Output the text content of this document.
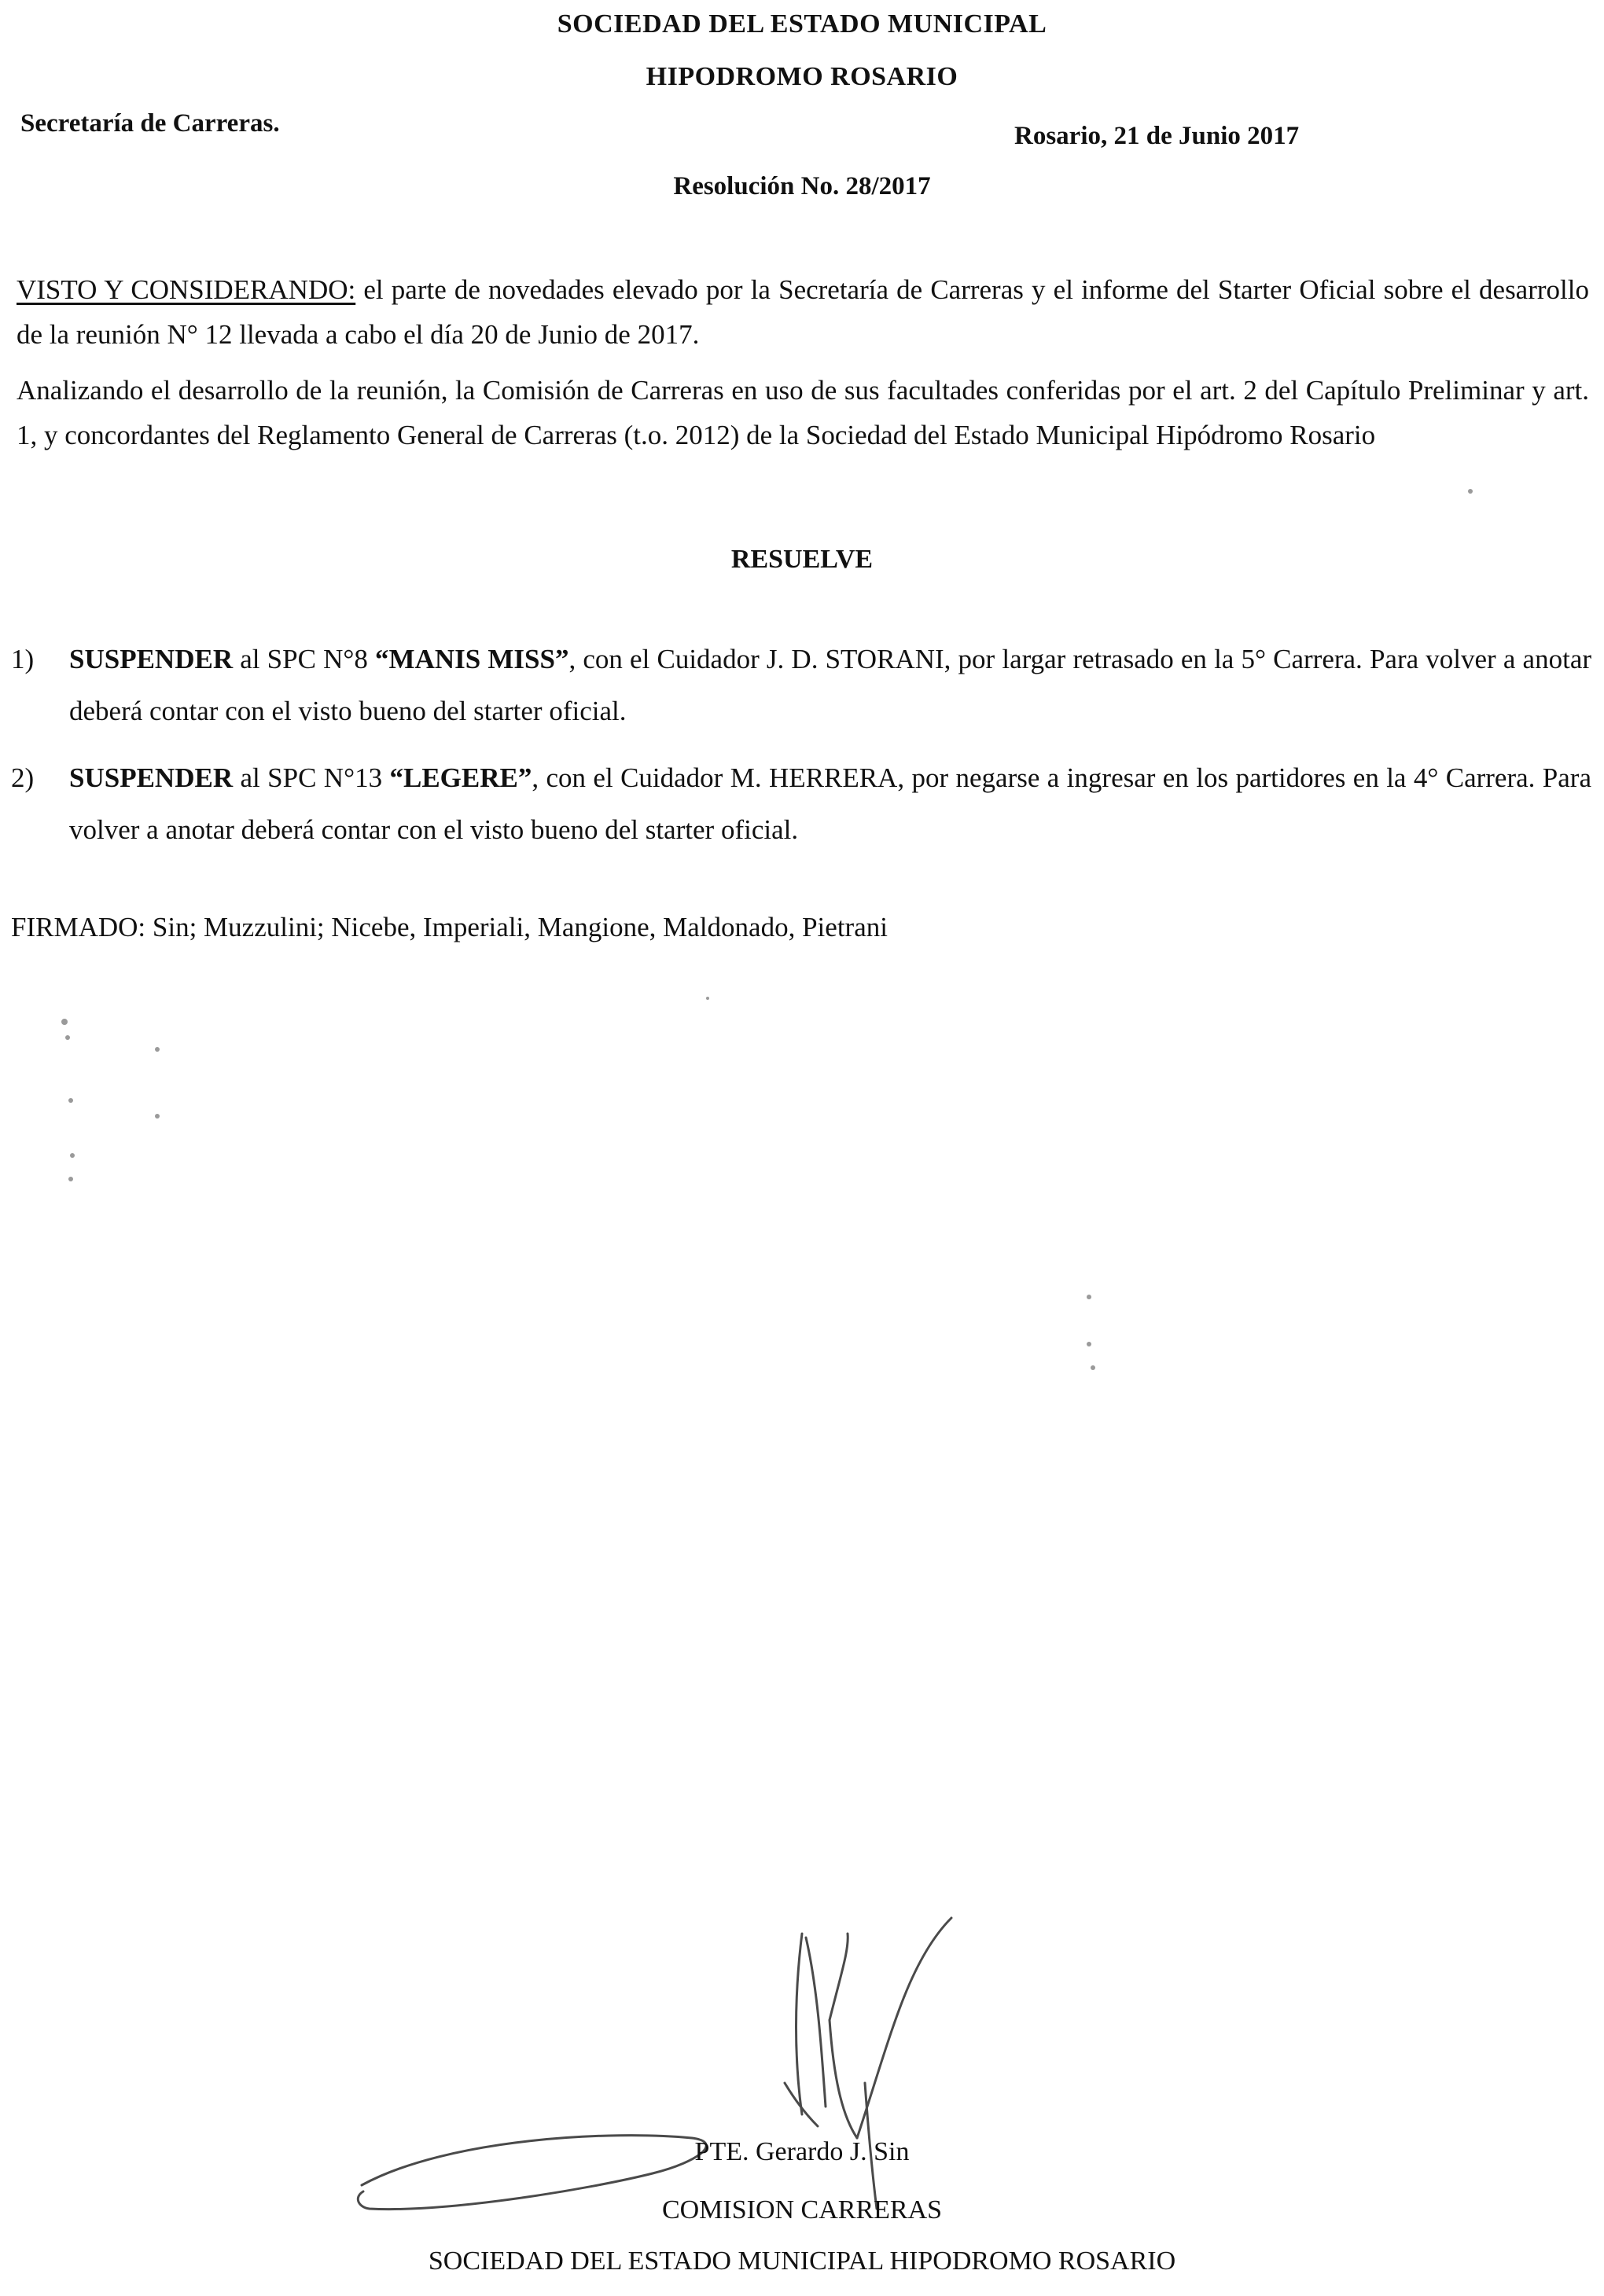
SOCIEDAD DEL ESTADO MUNICIPAL
HIPODROMO ROSARIO
Secretaría de Carreras.	Rosario, 21 de Junio 2017
Resolución No. 28/2017
VISTO Y CONSIDERANDO: el parte de novedades elevado por la Secretaría de Carreras y el informe del Starter Oficial sobre el desarrollo de la reunión N° 12 llevada a cabo el día 20 de Junio de 2017.
Analizando el desarrollo de la reunión, la Comisión de Carreras en uso de sus facultades conferidas por el art. 2 del Capítulo Preliminar y art. 1, y concordantes del Reglamento General de Carreras (t.o. 2012) de la Sociedad del Estado Municipal Hipódromo Rosario
RESUELVE
1) SUSPENDER al SPC N°8 “MANIS MISS”, con el Cuidador J. D. STORANI, por largar retrasado en la 5° Carrera. Para volver a anotar deberá contar con el visto bueno del starter oficial.
2) SUSPENDER al SPC N°13 “LEGERE”, con el Cuidador M. HERRERA, por negarse a ingresar en los partidores en la 4° Carrera. Para volver a anotar deberá contar con el visto bueno del starter oficial.
FIRMADO: Sin; Muzzulini; Nicebe, Imperiali, Mangione, Maldonado, Pietrani
PTE. Gerardo J. Sin
COMISION CARRERAS
SOCIEDAD DEL ESTADO MUNICIPAL HIPODROMO ROSARIO
